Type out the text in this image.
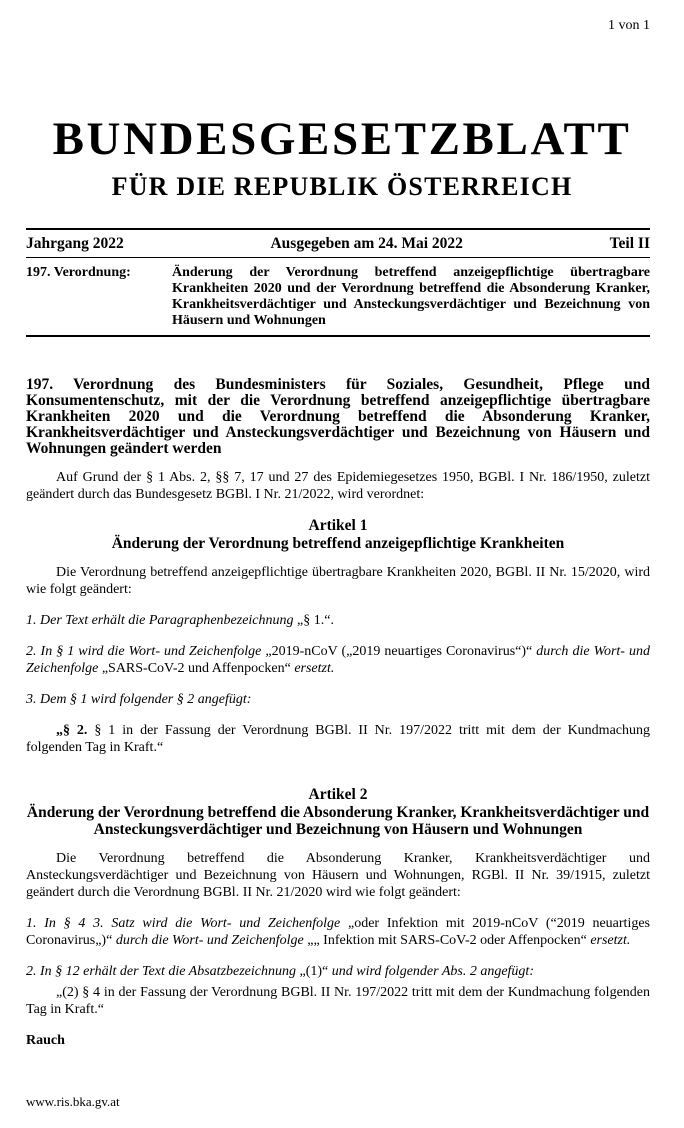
1 von 1
BUNDESGESETZBLATT
FÜR DIE REPUBLIK ÖSTERREICH
Jahrgang 2022	Ausgegeben am 24. Mai 2022	Teil II
197. Verordnung:	Änderung der Verordnung betreffend anzeigepflichtige übertragbare Krankheiten 2020 und der Verordnung betreffend die Absonderung Kranker, Krankheitsverdächtiger und Ansteckungsverdächtiger und Bezeichnung von Häusern und Wohnungen
197. Verordnung des Bundesministers für Soziales, Gesundheit, Pflege und Konsumentenschutz, mit der die Verordnung betreffend anzeigepflichtige übertragbare Krankheiten 2020 und die Verordnung betreffend die Absonderung Kranker, Krankheitsverdächtiger und Ansteckungsverdächtiger und Bezeichnung von Häusern und Wohnungen geändert werden

Auf Grund der § 1 Abs. 2, §§ 7, 17 und 27 des Epidemiegesetzes 1950, BGBl. I Nr. 186/1950, zuletzt geändert durch das Bundesgesetz BGBl. I Nr. 21/2022, wird verordnet:

Artikel 1
Änderung der Verordnung betreffend anzeigepflichtige Krankheiten

Die Verordnung betreffend anzeigepflichtige übertragbare Krankheiten 2020, BGBl. II Nr. 15/2020, wird wie folgt geändert:

1. Der Text erhält die Paragraphenbezeichnung „§ 1.“.

2. In § 1 wird die Wort- und Zeichenfolge „2019-nCoV („2019 neuartiges Coronavirus“)“ durch die Wort- und Zeichenfolge „SARS-CoV-2 und Affenpocken“ ersetzt.

3. Dem § 1 wird folgender § 2 angefügt:

„§ 2. § 1 in der Fassung der Verordnung BGBl. II Nr. 197/2022 tritt mit dem der Kundmachung folgenden Tag in Kraft.“

Artikel 2
Änderung der Verordnung betreffend die Absonderung Kranker, Krankheitsverdächtiger und Ansteckungsverdächtiger und Bezeichnung von Häusern und Wohnungen

Die Verordnung betreffend die Absonderung Kranker, Krankheitsverdächtiger und Ansteckungsverdächtiger und Bezeichnung von Häusern und Wohnungen, RGBl. II Nr. 39/1915, zuletzt geändert durch die Verordnung BGBl. II Nr. 21/2020 wird wie folgt geändert:

1. In § 4 3. Satz wird die Wort- und Zeichenfolge „oder Infektion mit 2019-nCoV (“2019 neuartiges Coronavirus„)“ durch die Wort- und Zeichenfolge „„ Infektion mit SARS-CoV-2 oder Affenpocken“ ersetzt.

2. In § 12 erhält der Text die Absatzbezeichnung „(1)“ und wird folgender Abs. 2 angefügt:

„(2) § 4 in der Fassung der Verordnung BGBl. II Nr. 197/2022 tritt mit dem der Kundmachung folgenden Tag in Kraft.“

Rauch
www.ris.bka.gv.at
